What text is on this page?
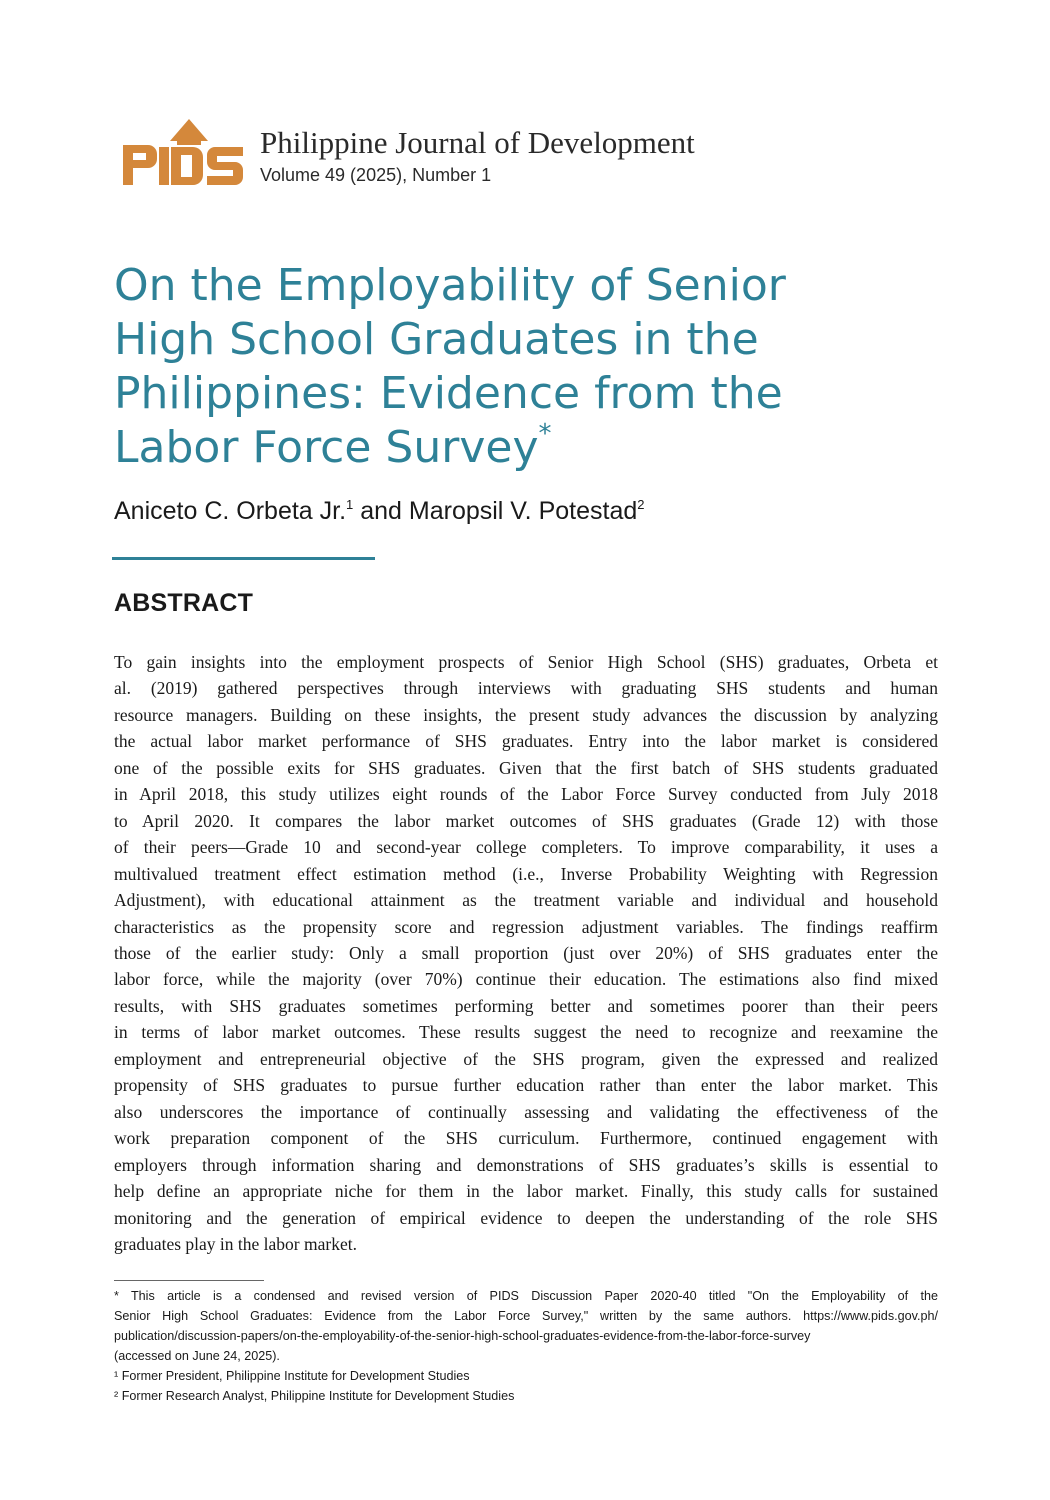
Philippine Journal of Development
Volume 49 (2025), Number 1
On the Employability of Senior
High School Graduates in the
Philippines: Evidence from the
Labor Force Survey*
Aniceto C. Orbeta Jr.$^1$ and Maropsil V. Potestad$^2$
ABSTRACT
To gain insights into the employment prospects of Senior High School (SHS) graduates, Orbeta et
al. (2019) gathered perspectives through interviews with graduating SHS students and human
resource managers. Building on these insights, the present study advances the discussion by analyzing
the actual labor market performance of SHS graduates. Entry into the labor market is considered
one of the possible exits for SHS graduates. Given that the first batch of SHS students graduated
in April 2018, this study utilizes eight rounds of the Labor Force Survey conducted from July 2018
to April 2020. It compares the labor market outcomes of SHS graduates (Grade 12) with those
of their peers—Grade 10 and second-year college completers. To improve comparability, it uses a
multivalued treatment effect estimation method (i.e., Inverse Probability Weighting with Regression
Adjustment), with educational attainment as the treatment variable and individual and household
characteristics as the propensity score and regression adjustment variables. The findings reaffirm
those of the earlier study: Only a small proportion (just over 20%) of SHS graduates enter the
labor force, while the majority (over 70%) continue their education. The estimations also find mixed
results, with SHS graduates sometimes performing better and sometimes poorer than their peers
in terms of labor market outcomes. These results suggest the need to recognize and reexamine the
employment and entrepreneurial objective of the SHS program, given the expressed and realized
propensity of SHS graduates to pursue further education rather than enter the labor market. This
also underscores the importance of continually assessing and validating the effectiveness of the
work preparation component of the SHS curriculum. Furthermore, continued engagement with
employers through information sharing and demonstrations of SHS graduates’s skills is essential to
help define an appropriate niche for them in the labor market. Finally, this study calls for sustained
monitoring and the generation of empirical evidence to deepen the understanding of the role SHS
graduates play in the labor market.
* This article is a condensed and revised version of PIDS Discussion Paper 2020-40 titled "On the Employability of the
Senior High School Graduates: Evidence from the Labor Force Survey," written by the same authors. https://www.pids.gov.ph/
publication/discussion-papers/on-the-employability-of-the-senior-high-school-graduates-evidence-from-the-labor-force-survey
(accessed on June 24, 2025).
¹ Former President, Philippine Institute for Development Studies
² Former Research Analyst, Philippine Institute for Development Studies
